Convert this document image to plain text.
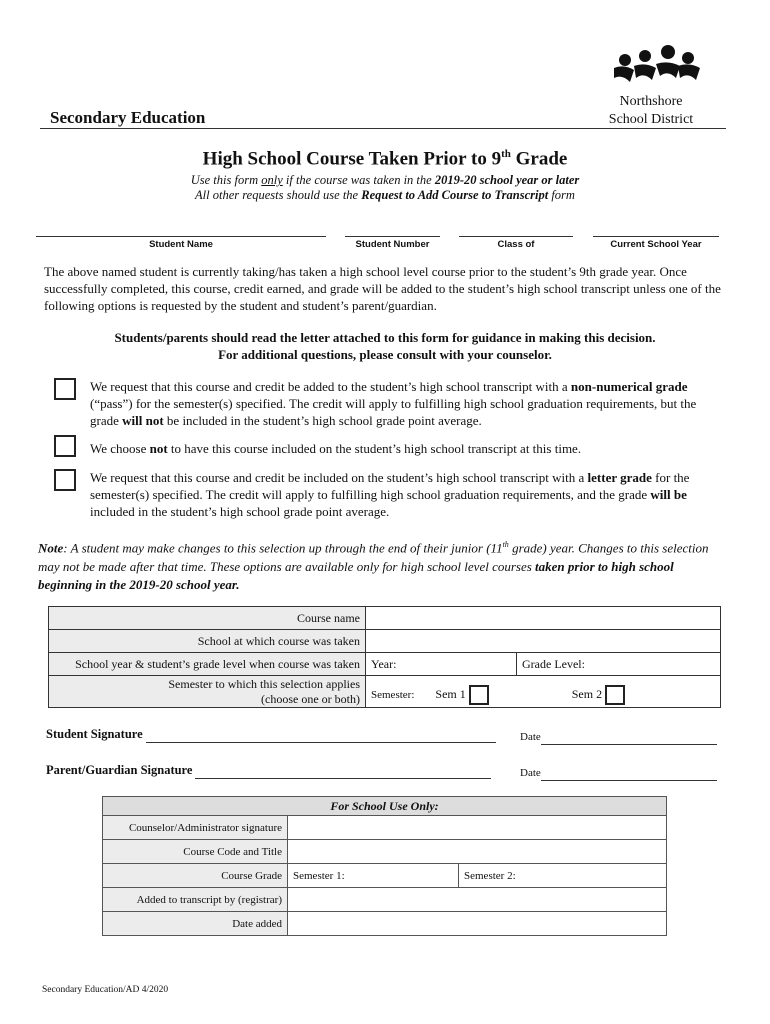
Northshore
School District
Secondary Education
High School Course Taken Prior to 9th Grade
Use this form only if the course was taken in the 2019-20 school year or later
All other requests should use the Request to Add Course to Transcript form
Student Name	Student Number	Class of	Current School Year
The above named student is currently taking/has taken a high school level course prior to the student’s 9th grade year. Once successfully completed, this course, credit earned, and grade will be added to the student’s high school transcript unless one of the following options is requested by the student and student’s parent/guardian.
Students/parents should read the letter attached to this form for guidance in making this decision.
For additional questions, please consult with your counselor.
We request that this course and credit be added to the student’s high school transcript with a non-numerical grade (“pass”) for the semester(s) specified. The credit will apply to fulfilling high school graduation requirements, but the grade will not be included in the student’s high school grade point average.
We choose not to have this course included on the student’s high school transcript at this time.
We request that this course and credit be included on the student’s high school transcript with a letter grade for the semester(s) specified. The credit will apply to fulfilling high school graduation requirements, and the grade will be included in the student’s high school grade point average.
Note: A student may make changes to this selection up through the end of their junior (11th grade) year. Changes to this selection may not be made after that time. These options are available only for high school level courses taken prior to high school beginning in the 2019-20 school year.
Course name		
School at which course was taken		
School year & student’s grade level when course was taken	Year:	Grade Level:

Semester to which this selection applies
(choose one or both)	Semester: Sem 1 Sem 2	
Student Signature	Date
Parent/Guardian Signature	Date
For School Use Only:		
Counselor/Administrator signature		
Course Code and Title		
Course Grade	Semester 1:	Semester 2:
Added to transcript by (registrar)		
Date added		
Secondary Education/AD 4/2020
